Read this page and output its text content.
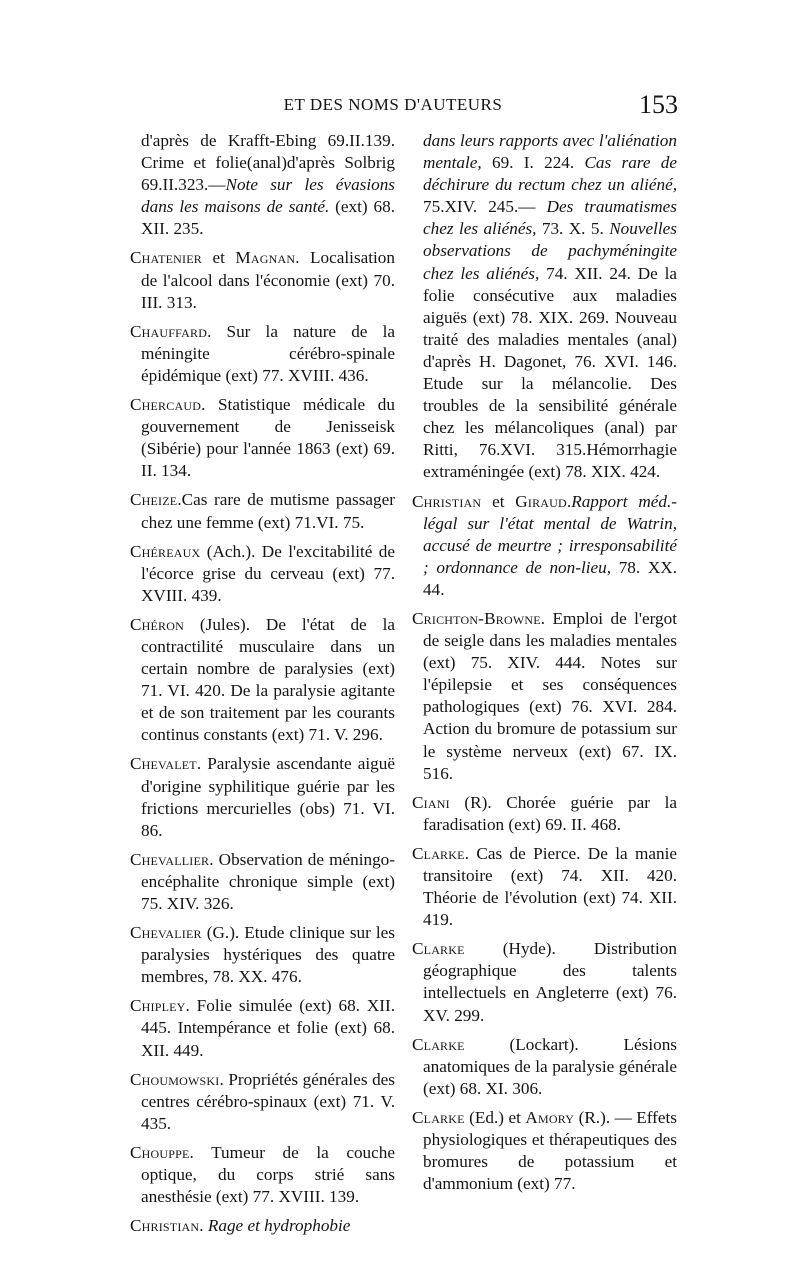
ET DES NOMS D'AUTEURS	153

d'après de Krafft-Ebing 69.II.139. Crime et folie(anal)d'après Solbrig 69.II.323.—Note sur les évasions dans les maisons de santé. (ext) 68. XII. 235.

Chatenier et Magnan. Localisation de l'alcool dans l'économie (ext) 70. III. 313.

Chauffard. Sur la nature de la méningite cérébro-spinale épidémique (ext) 77. XVIII. 436.

Chercaud. Statistique médicale du gouvernement de Jenisseisk (Sibérie) pour l'année 1863 (ext) 69. II. 134.

Cheize.Cas rare de mutisme passager chez une femme (ext) 71.VI. 75.

Chéreaux (Ach.). De l'excitabilité de l'écorce grise du cerveau (ext) 77. XVIII. 439.

Chéron (Jules). De l'état de la contractilité musculaire dans un certain nombre de paralysies (ext) 71. VI. 420. De la paralysie agitante et de son traitement par les courants continus constants (ext) 71. V. 296.

Chevalet. Paralysie ascendante aiguë d'origine syphilitique guérie par les frictions mercurielles (obs) 71. VI. 86.

Chevallier. Observation de méningo-encéphalite chronique simple (ext) 75. XIV. 326.

Chevalier (G.). Etude clinique sur les paralysies hystériques des quatre membres, 78. XX. 476.

Chipley. Folie simulée (ext) 68. XII. 445. Intempérance et folie (ext) 68. XII. 449.

Choumowski. Propriétés générales des centres cérébro-spinaux (ext) 71. V. 435.

Chouppe. Tumeur de la couche optique, du corps strié sans anesthésie (ext) 77. XVIII. 139.

Christian. Rage et hydrophobie

dans leurs rapports avec l'aliénation mentale, 69. I. 224. Cas rare de déchirure du rectum chez un aliéné, 75.XIV. 245.— Des traumatismes chez les aliénés, 73. X. 5. Nouvelles observations de pachyméningite chez les aliénés, 74. XII. 24. De la folie consécutive aux maladies aiguës (ext) 78. XIX. 269. Nouveau traité des maladies mentales (anal) d'après H. Dagonet, 76. XVI. 146. Etude sur la mélancolie. Des troubles de la sensibilité générale chez les mélancoliques (anal) par Ritti, 76.XVI. 315.Hémorrhagie extraméningée (ext) 78. XIX. 424.

Christian et Giraud.Rapport méd.-légal sur l'état mental de Watrin, accusé de meurtre ; irresponsabilité ; ordonnance de non-lieu, 78. XX. 44.

Crichton-Browne. Emploi de l'ergot de seigle dans les maladies mentales (ext) 75. XIV. 444. Notes sur l'épilepsie et ses conséquences pathologiques (ext) 76. XVI. 284. Action du bromure de potassium sur le système nerveux (ext) 67. IX. 516.

Ciani (R). Chorée guérie par la faradisation (ext) 69. II. 468.

Clarke. Cas de Pierce. De la manie transitoire (ext) 74. XII. 420. Théorie de l'évolution (ext) 74. XII. 419.

Clarke (Hyde). Distribution géographique des talents intellectuels en Angleterre (ext) 76. XV. 299.

Clarke (Lockart). Lésions anatomiques de la paralysie générale (ext) 68. XI. 306.

Clarke (Ed.) et Amory (R.). — Effets physiologiques et thérapeutiques des bromures de potassium et d'ammonium (ext) 77.
